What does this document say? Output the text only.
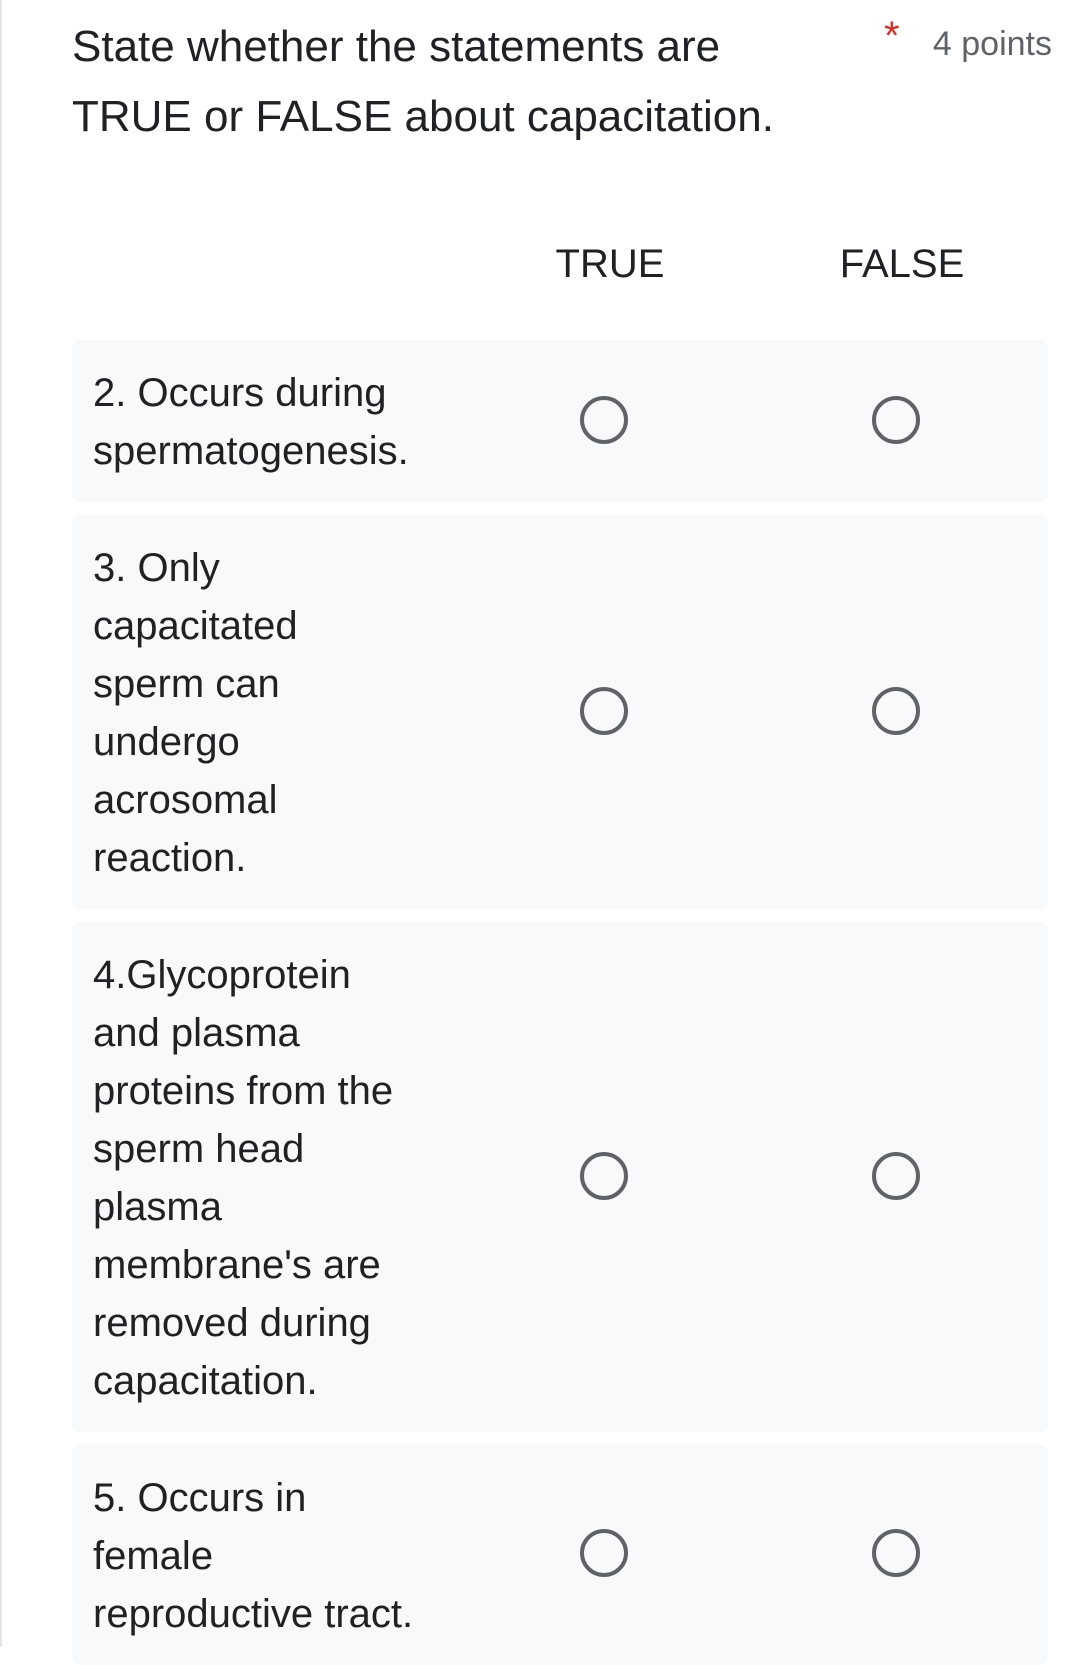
State whether the statements are TRUE or FALSE about capacitation.
* 4 points
TRUE	FALSE
2. Occurs during
spermatogenesis.
3. Only
capacitated
sperm can
undergo
acrosomal
reaction.
4.Glycoprotein
and plasma
proteins from the
sperm head
plasma
membrane's are
removed during
capacitation.
5. Occurs in
female
reproductive tract.
